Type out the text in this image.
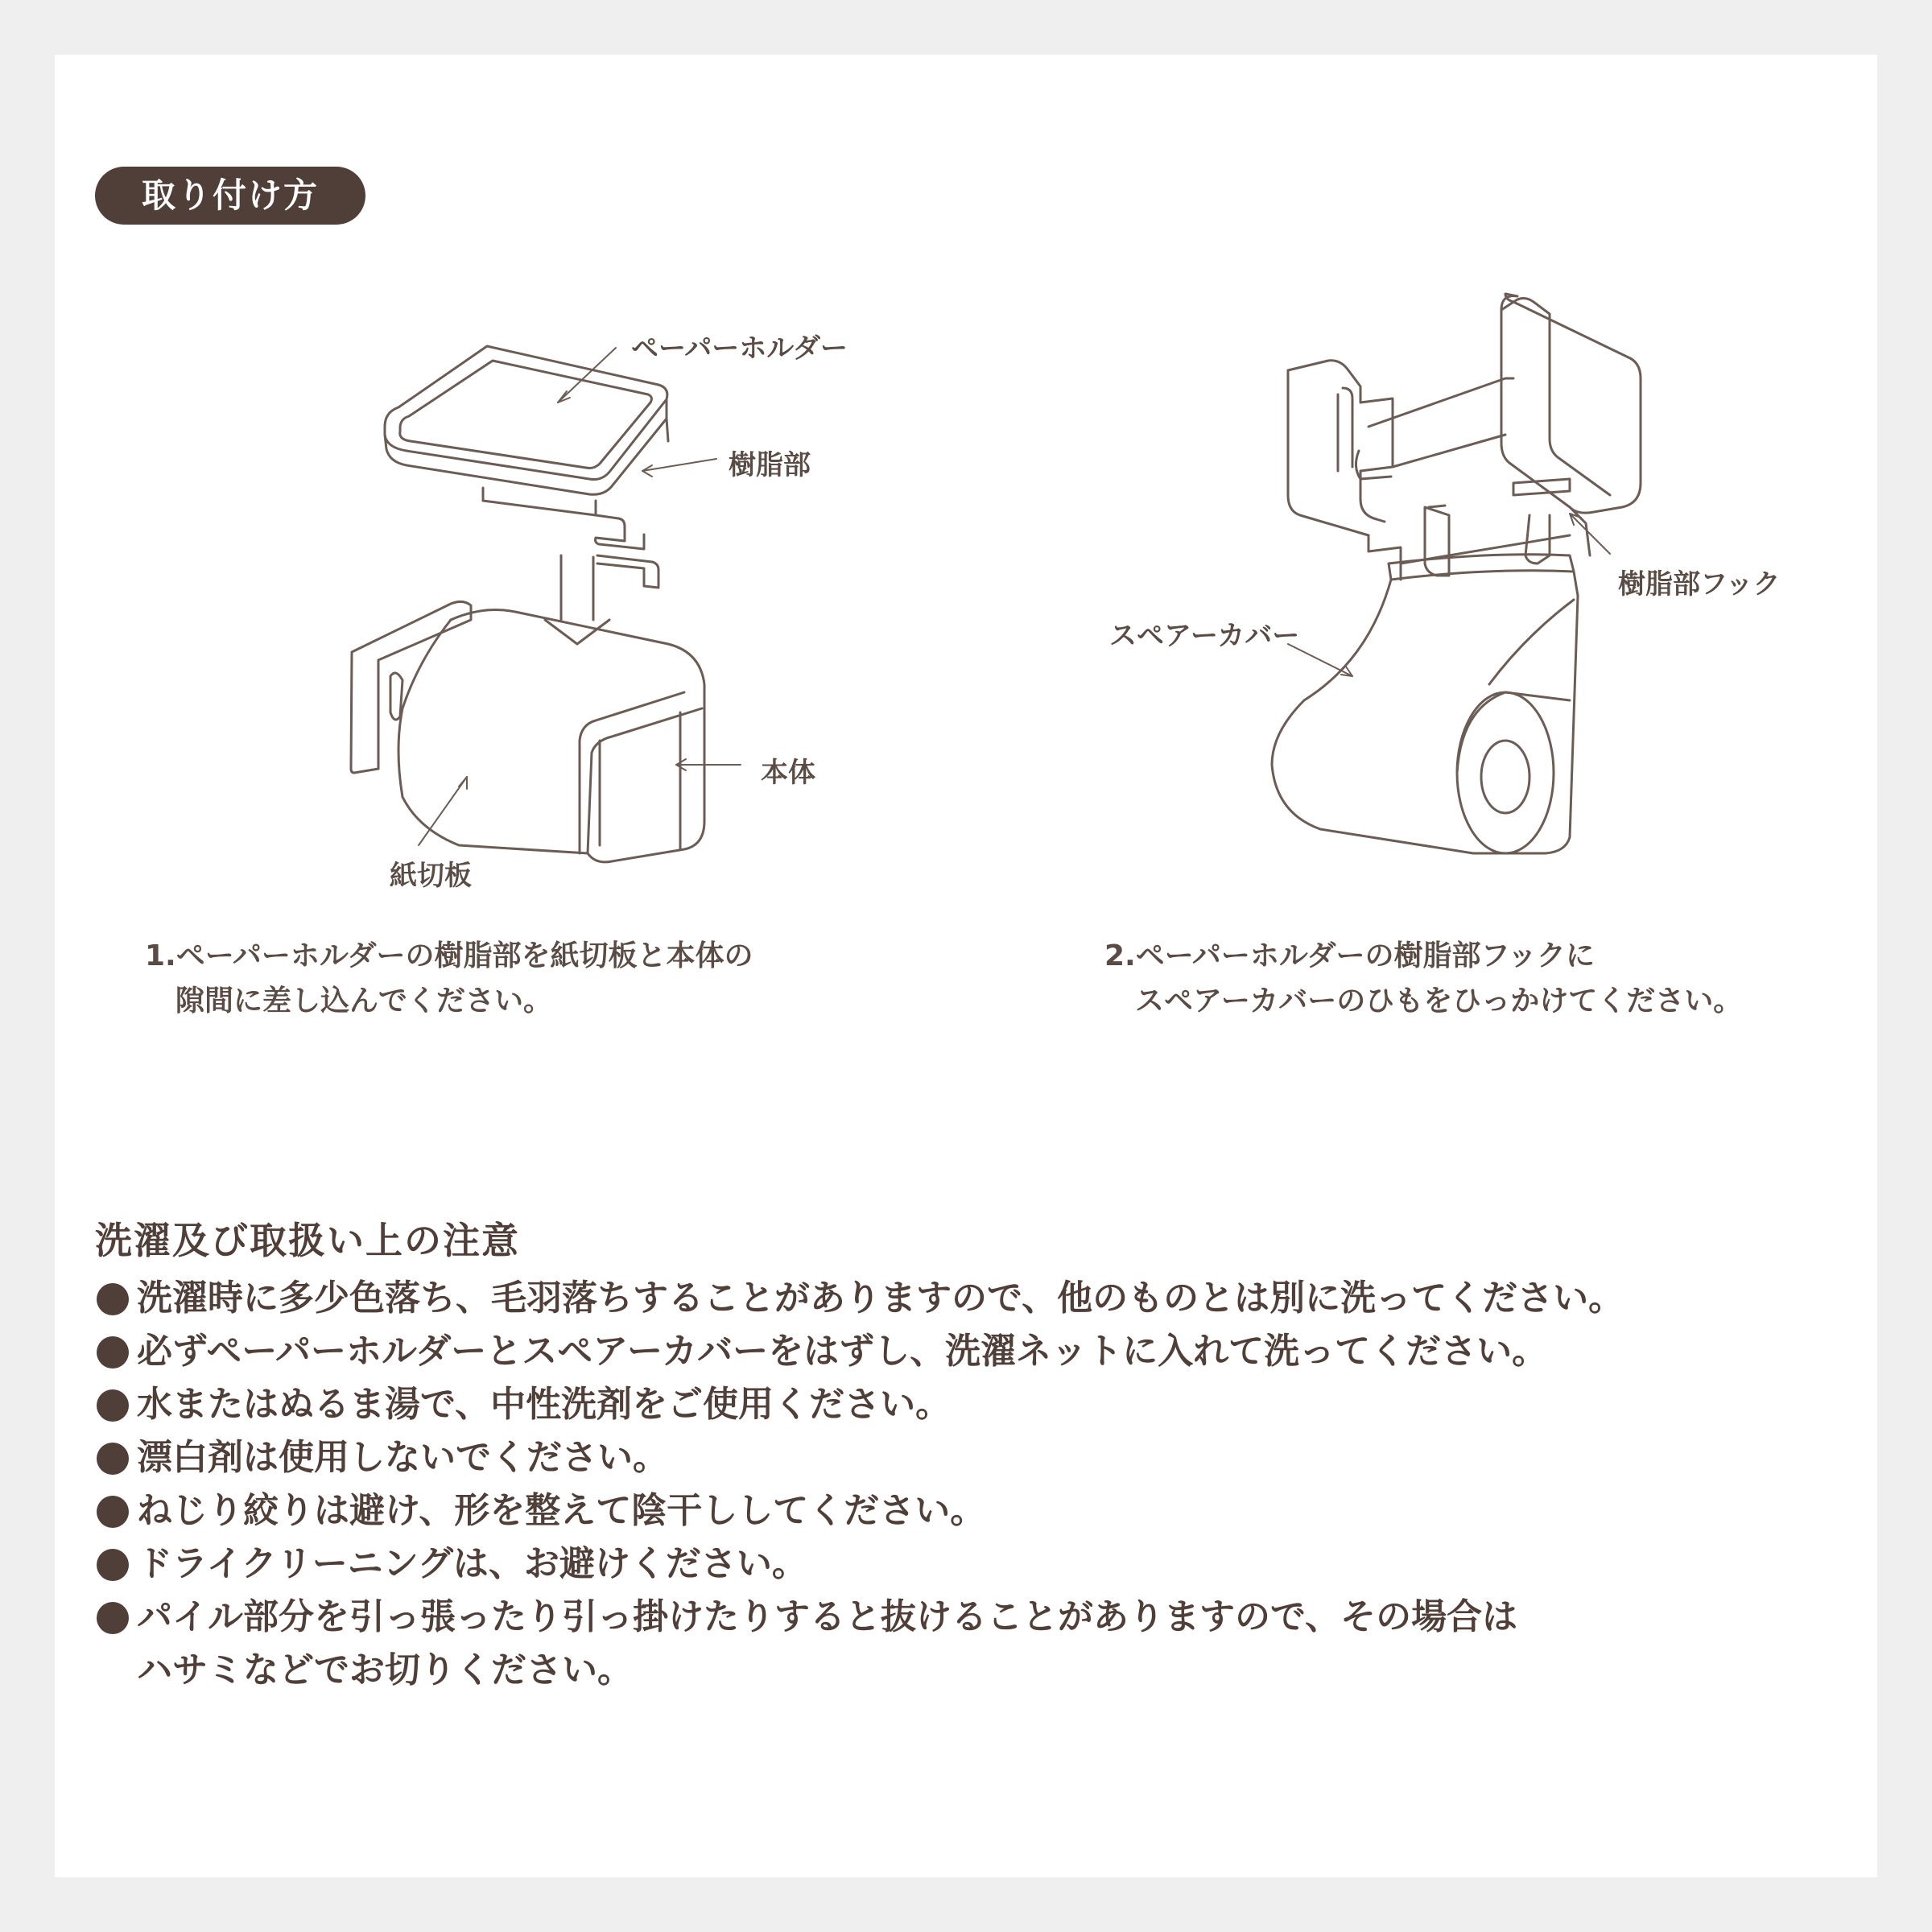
取り付け方
ペーパーホルダー
樹脂部
本体
紙切板
1.ペーパーホルダーの樹脂部を紙切板と本体の
隙間に差し込んでください。
樹脂部フック
スペアーカバー
2.ペーパーホルダーの樹脂部フックに
スペアーカバーのひもをひっかけてください。
洗濯及び取扱い上の注意
洗濯時に多少色落ち、毛羽落ちすることがありますので、他のものとは別に洗ってください。
必ずペーパーホルダーとスペアーカバーをはずし、洗濯ネットに入れて洗ってください。
水またはぬるま湯で、中性洗剤をご使用ください。
漂白剤は使用しないでください。
ねじり絞りは避け、形を整えて陰干ししてください。
ドライクリーニングは、お避けください。
パイル部分を引っ張ったり引っ掛けたりすると抜けることがありますので、その場合は
ハサミなどでお切りください。
